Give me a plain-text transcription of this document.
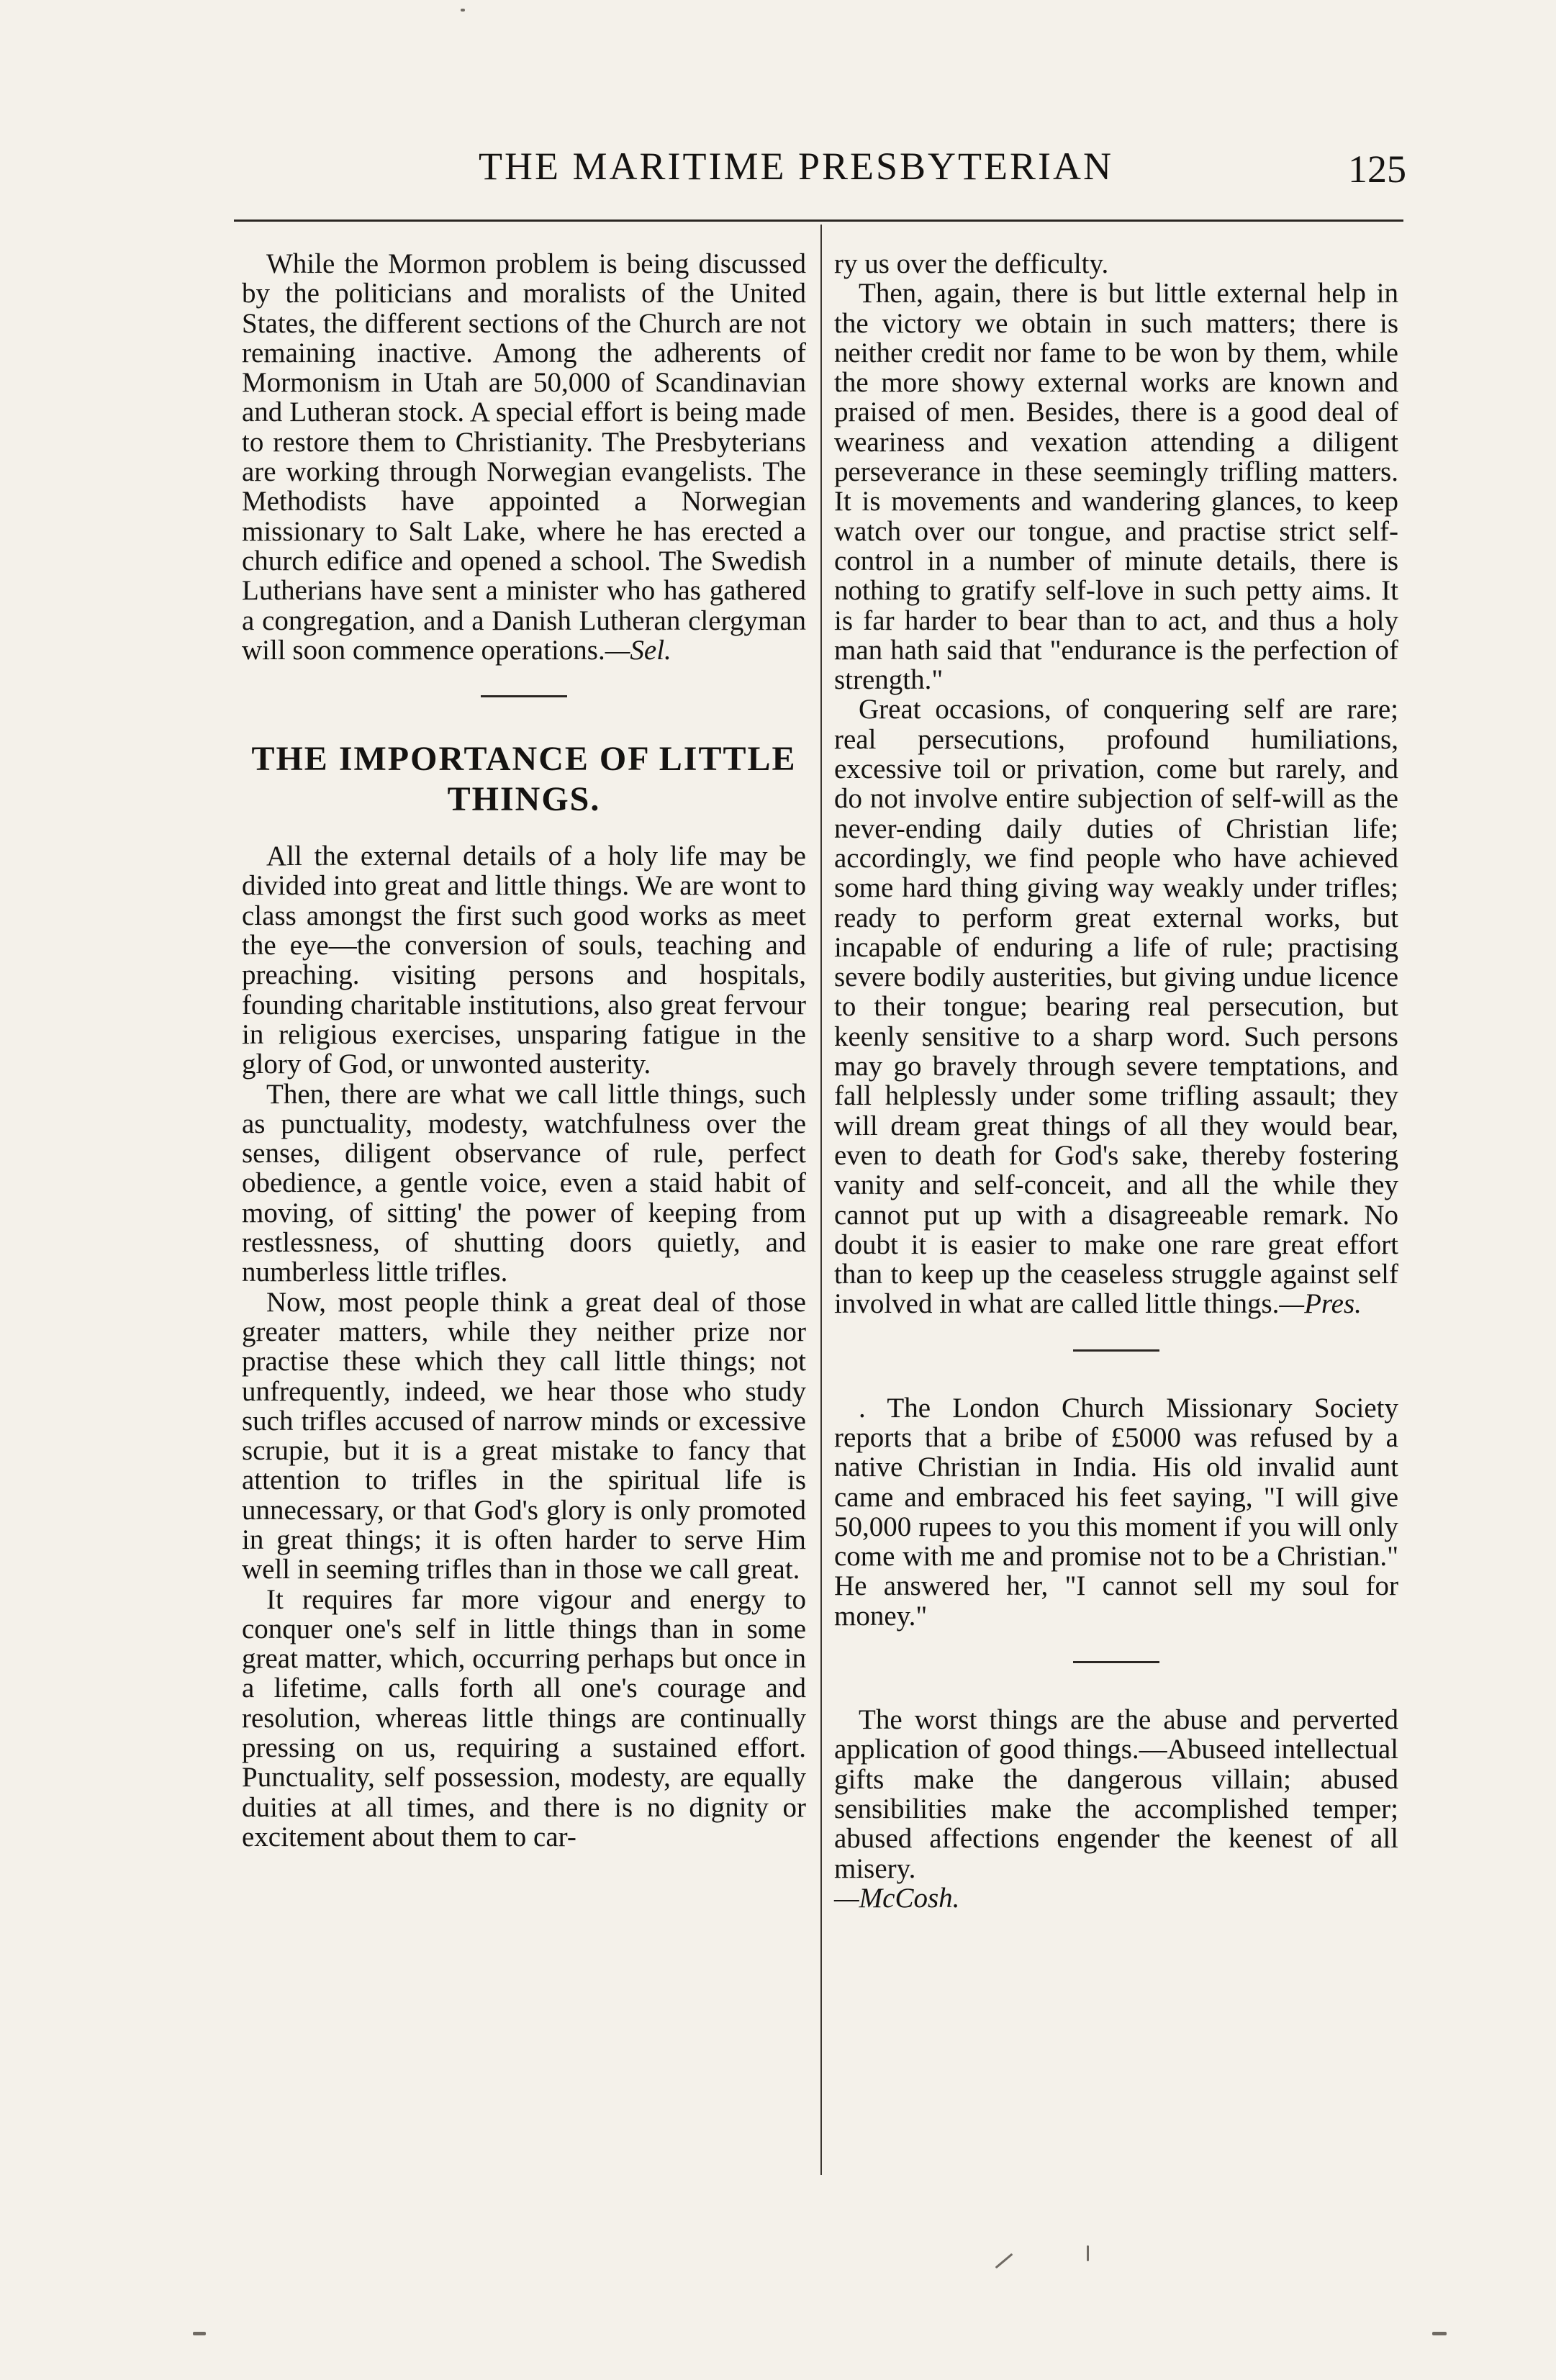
THE MARITIME PRESBYTERIAN	125

While the Mormon problem is being discussed by the politicians and moralists of the United States, the different sections of the Church are not remaining inactive. Among the adherents of Mormonism in Utah are 50,000 of Scandinavian and Lutheran stock. A special effort is being made to restore them to Christianity. The Presbyterians are working through Norwegian evangelists. The Methodists have appointed a Norwegian missionary to Salt Lake, where he has erected a church edifice and opened a school. The Swedish Lutherians have sent a minister who has gathered a congregation, and a Danish Lutheran clergyman will soon commence operations.—Sel.

THE IMPORTANCE OF LITTLE THINGS.

All the external details of a holy life may be divided into great and little things. We are wont to class amongst the first such good works as meet the eye—the conversion of souls, teaching and preaching. visiting persons and hospitals, founding charitable institutions, also great fervour in religious exercises, unsparing fatigue in the glory of God, or unwonted austerity.

Then, there are what we call little things, such as punctuality, modesty, watchfulness over the senses, diligent observance of rule, perfect obedience, a gentle voice, even a staid habit of moving, of sitting' the power of keeping from restlessness, of shutting doors quietly, and numberless little trifles.

Now, most people think a great deal of those greater matters, while they neither prize nor practise these which they call little things; not unfrequently, indeed, we hear those who study such trifles accused of narrow minds or excessive scrupie, but it is a great mistake to fancy that attention to trifles in the spiritual life is unnecessary, or that God's glory is only promoted in great things; it is often harder to serve Him well in seeming trifles than in those we call great.

It requires far more vigour and energy to conquer one's self in little things than in some great matter, which, occurring perhaps but once in a lifetime, calls forth all one's courage and resolution, whereas little things are continually pressing on us, requiring a sustained effort. Punctuality, self possession, modesty, are equally duities at all times, and there is no dignity or excitement about them to car-

ry us over the defficulty.

Then, again, there is but little external help in the victory we obtain in such matters; there is neither credit nor fame to be won by them, while the more showy external works are known and praised of men. Besides, there is a good deal of weariness and vexation attending a diligent perseverance in these seemingly trifling matters. It is movements and wandering glances, to keep watch over our tongue, and practise strict self-control in a number of minute details, there is nothing to gratify self-love in such petty aims. It is far harder to bear than to act, and thus a holy man hath said that "endurance is the perfection of strength."

Great occasions, of conquering self are rare; real persecutions, profound humiliations, excessive toil or privation, come but rarely, and do not involve entire subjection of self-will as the never-ending daily duties of Christian life; accordingly, we find people who have achieved some hard thing giving way weakly under trifles; ready to perform great external works, but incapable of enduring a life of rule; practising severe bodily austerities, but giving undue licence to their tongue; bearing real persecution, but keenly sensitive to a sharp word. Such persons may go bravely through severe temptations, and fall helplessly under some trifling assault; they will dream great things of all they would bear, even to death for God's sake, thereby fostering vanity and self-conceit, and all the while they cannot put up with a disagreeable remark. No doubt it is easier to make one rare great effort than to keep up the ceaseless struggle against self involved in what are called little things.—Pres.

. The London Church Missionary Society reports that a bribe of £5000 was refused by a native Christian in India. His old invalid aunt came and embraced his feet saying, "I will give 50,000 rupees to you this moment if you will only come with me and promise not to be a Christian." He answered her, "I cannot sell my soul for money."

The worst things are the abuse and perverted application of good things.—Abuseed intellectual gifts make the dangerous villain; abused sensibilities make the accomplished temper; abused affections engender the keenest of all misery.

—McCosh.
